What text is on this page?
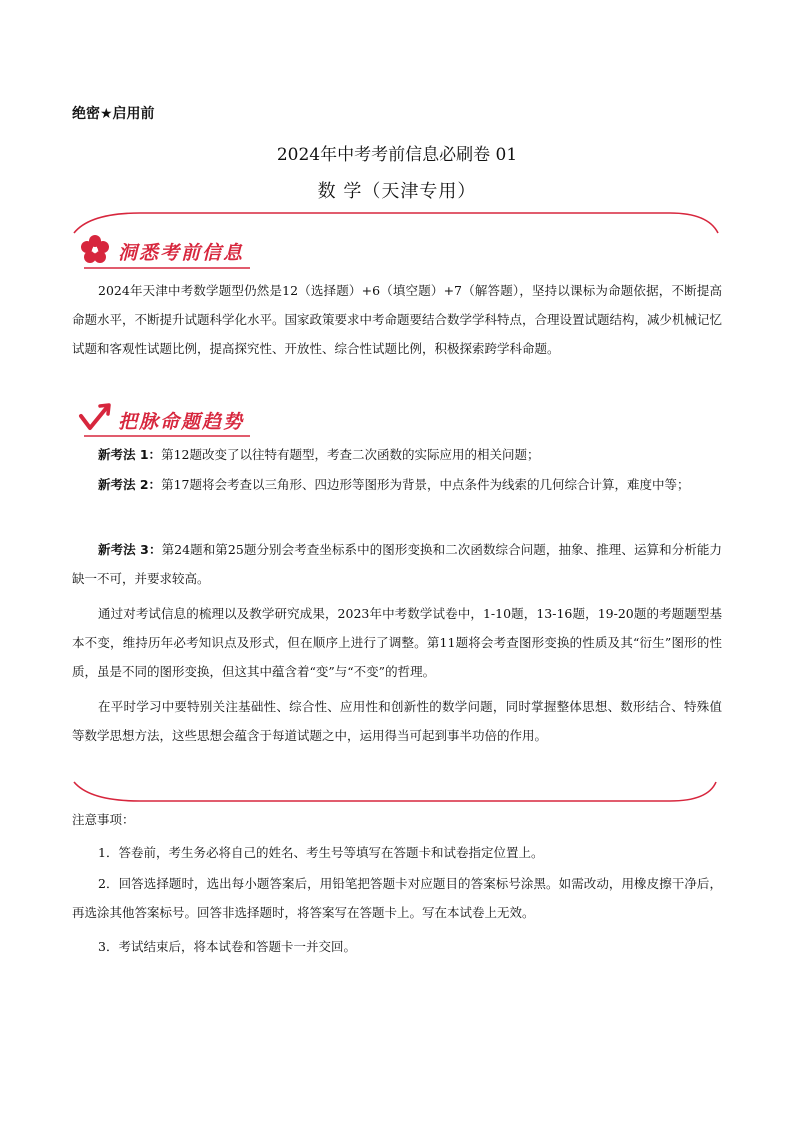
绝密★启用前
2024年中考考前信息必刷卷 01
数 学（天津专用）
洞悉考前信息
2024年天津中考数学题型仍然是12（选择题）+6（填空题）+7（解答题），坚持以课标为命题依据，不断提高命题水平，不断提升试题科学化水平。国家政策要求中考命题要结合数学学科特点，合理设置试题结构，减少机械记忆试题和客观性试题比例，提高探究性、开放性、综合性试题比例，积极探索跨学科命题。
把脉命题趋势
新考法 1：第12题改变了以往特有题型，考查二次函数的实际应用的相关问题；
新考法 2：第17题将会考查以三角形、四边形等图形为背景，中点条件为线索的几何综合计算，难度中等；
新考法 3：第24题和第25题分别会考查坐标系中的图形变换和二次函数综合问题，抽象、推理、运算和分析能力缺一不可，并要求较高。
通过对考试信息的梳理以及教学研究成果，2023年中考数学试卷中，1-10题，13-16题，19-20题的考题题型基本不变，维持历年必考知识点及形式，但在顺序上进行了调整。第11题将会考查图形变换的性质及其“衍生”图形的性质，虽是不同的图形变换，但这其中蕴含着“变”与“不变”的哲理。
在平时学习中要特别关注基础性、综合性、应用性和创新性的数学问题，同时掌握整体思想、数形结合、特殊值等数学思想方法，这些思想会蕴含于每道试题之中，运用得当可起到事半功倍的作用。
注意事项：
1．答卷前，考生务必将自己的姓名、考生号等填写在答题卡和试卷指定位置上。
2．回答选择题时，选出每小题答案后，用铅笔把答题卡对应题目的答案标号涂黑。如需改动，用橡皮擦干净后，再选涂其他答案标号。回答非选择题时，将答案写在答题卡上。写在本试卷上无效。
3．考试结束后，将本试卷和答题卡一并交回。
